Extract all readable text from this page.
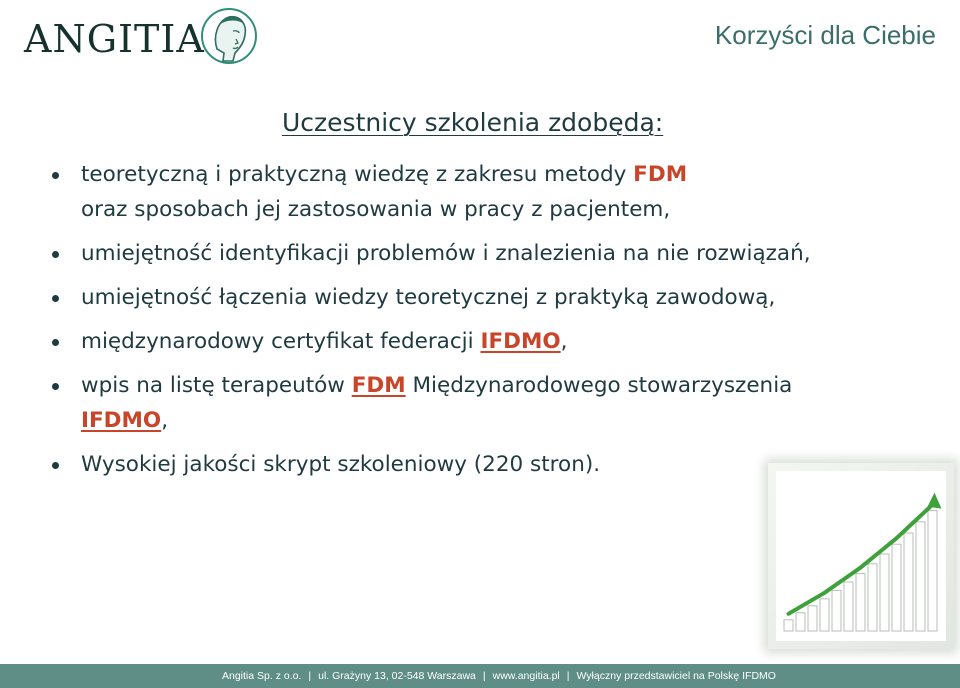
ANGITIA	Korzyści dla Ciebie
Uczestnicy szkolenia zdobędą:
teoretyczną i praktyczną wiedzę z zakresu metody FDM
oraz sposobach jej zastosowania w pracy z pacjentem,
umiejętność identyfikacji problemów i znalezienia na nie rozwiązań,
umiejętność łączenia wiedzy teoretycznej z praktyką zawodową,
międzynarodowy certyfikat federacji IFDMO,
wpis na listę terapeutów FDM Międzynarodowego stowarzyszenia
IFDMO,
Wysokiej jakości skrypt szkoleniowy (220 stron).
Angitia Sp. z o.o. | ul. Grażyny 13, 02-548 Warszawa | www.angitia.pl | Wyłączny przedstawiciel na Polskę IFDMO
